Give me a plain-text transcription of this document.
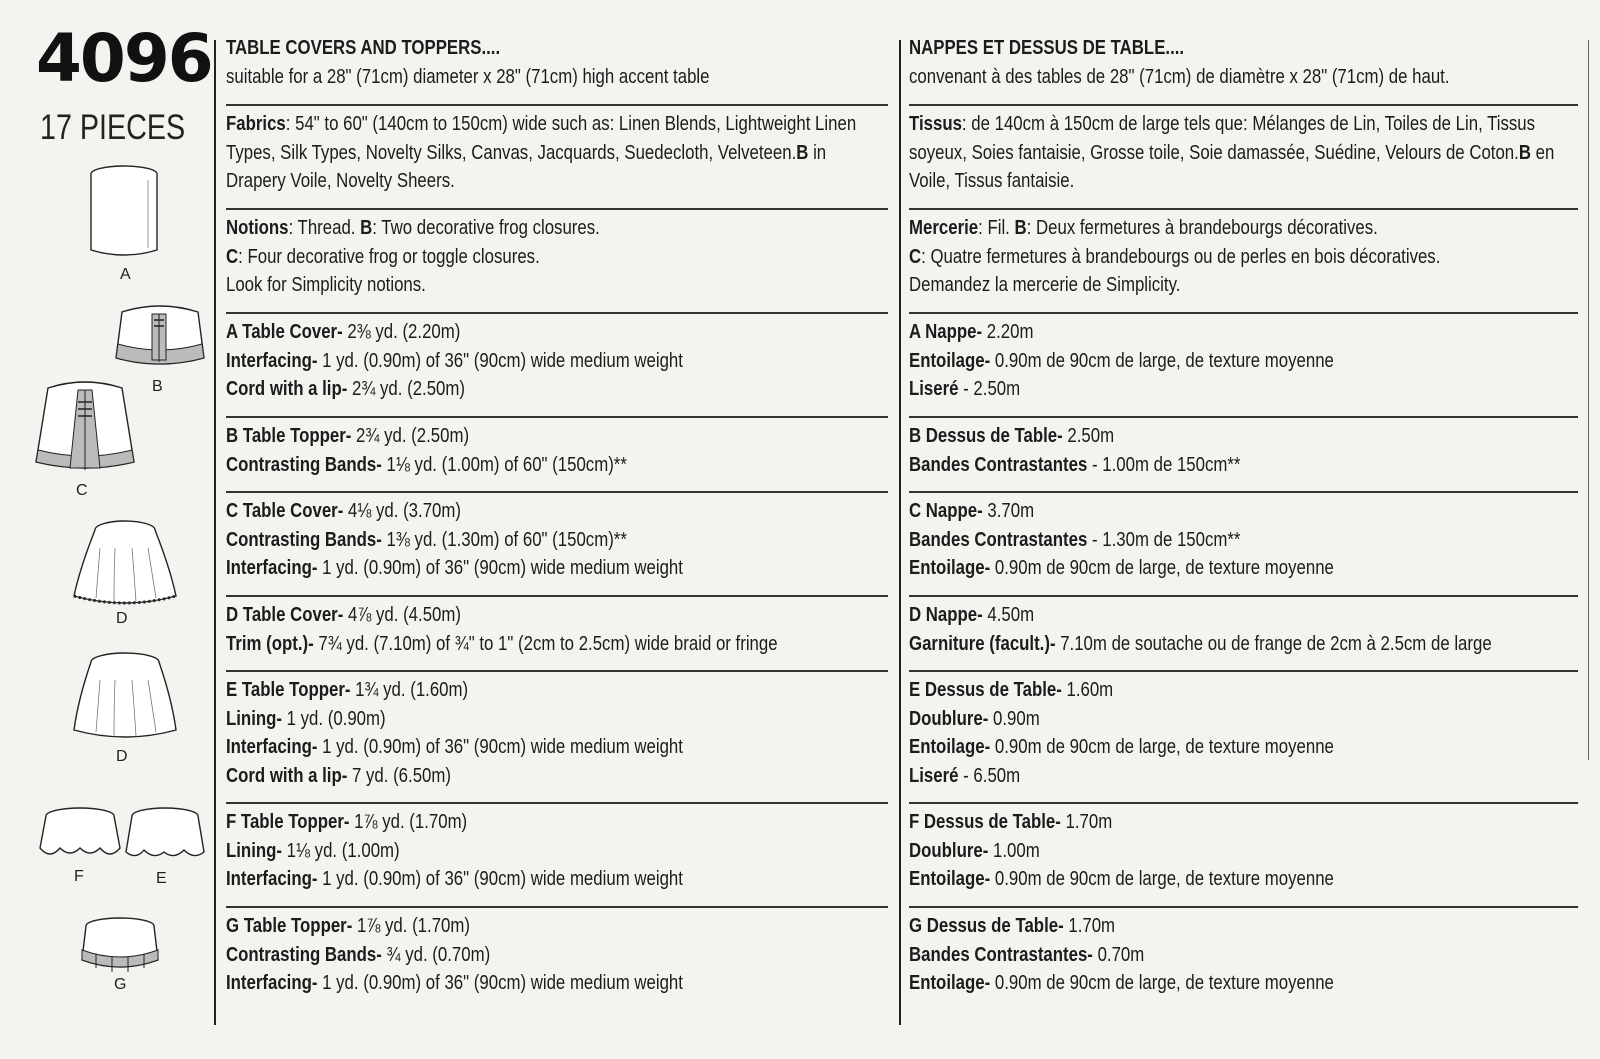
4096
17 PIECES
A
B
C
D
D
F	E
G
TABLE COVERS AND TOPPERS....
suitable for a 28" (71cm) diameter x 28" (71cm) high accent table
Fabrics: 54" to 60" (140cm to 150cm) wide such as: Linen Blends, Lightweight Linen
Types, Silk Types, Novelty Silks, Canvas, Jacquards, Suedecloth, Velveteen. B in
Drapery Voile, Novelty Sheers.
Notions: Thread. B: Two decorative frog closures.
C: Four decorative frog or toggle closures.
Look for Simplicity notions.
A Table Cover- 2⅜ yd. (2.20m)
Interfacing- 1 yd. (0.90m) of 36" (90cm) wide medium weight
Cord with a lip- 2¾ yd. (2.50m)
B Table Topper- 2¾ yd. (2.50m)
Contrasting Bands- 1⅛ yd. (1.00m) of 60" (150cm)**
C Table Cover- 4⅛ yd. (3.70m)
Contrasting Bands- 1⅜ yd. (1.30m) of 60" (150cm)**
Interfacing- 1 yd. (0.90m) of 36" (90cm) wide medium weight
D Table Cover- 4⅞ yd. (4.50m)
Trim (opt.)- 7¾ yd. (7.10m) of ¾" to 1" (2cm to 2.5cm) wide braid or fringe
E Table Topper- 1¾ yd. (1.60m)
Lining- 1 yd. (0.90m)
Interfacing- 1 yd. (0.90m) of 36" (90cm) wide medium weight
Cord with a lip- 7 yd. (6.50m)
F Table Topper- 1⅞ yd. (1.70m)
Lining- 1⅛ yd. (1.00m)
Interfacing- 1 yd. (0.90m) of 36" (90cm) wide medium weight
G Table Topper- 1⅞ yd. (1.70m)
Contrasting Bands- ¾ yd. (0.70m)
Interfacing- 1 yd. (0.90m) of 36" (90cm) wide medium weight
NAPPES ET DESSUS DE TABLE....
convenant à des tables de 28" (71cm) de diamètre x 28" (71cm) de haut.
Tissus: de 140cm à 150cm de large tels que: Mélanges de Lin, Toiles de Lin, Tissus
soyeux, Soies fantaisie, Grosse toile, Soie damassée, Suédine, Velours de Coton. B en
Voile, Tissus fantaisie.
Mercerie: Fil. B: Deux fermetures à brandebourgs décoratives.
C: Quatre fermetures à brandebourgs ou de perles en bois décoratives.
Demandez la mercerie de Simplicity.
A Nappe- 2.20m
Entoilage- 0.90m de 90cm de large, de texture moyenne
Liseré - 2.50m
B Dessus de Table- 2.50m
Bandes Contrastantes - 1.00m de 150cm**
C Nappe- 3.70m
Bandes Contrastantes - 1.30m de 150cm**
Entoilage- 0.90m de 90cm de large, de texture moyenne
D Nappe- 4.50m
Garniture (facult.)- 7.10m de soutache ou de frange de 2cm à 2.5cm de large
E Dessus de Table- 1.60m
Doublure- 0.90m
Entoilage- 0.90m de 90cm de large, de texture moyenne
Liseré - 6.50m
F Dessus de Table- 1.70m
Doublure- 1.00m
Entoilage- 0.90m de 90cm de large, de texture moyenne
G Dessus de Table- 1.70m
Bandes Contrastantes- 0.70m
Entoilage- 0.90m de 90cm de large, de texture moyenne
